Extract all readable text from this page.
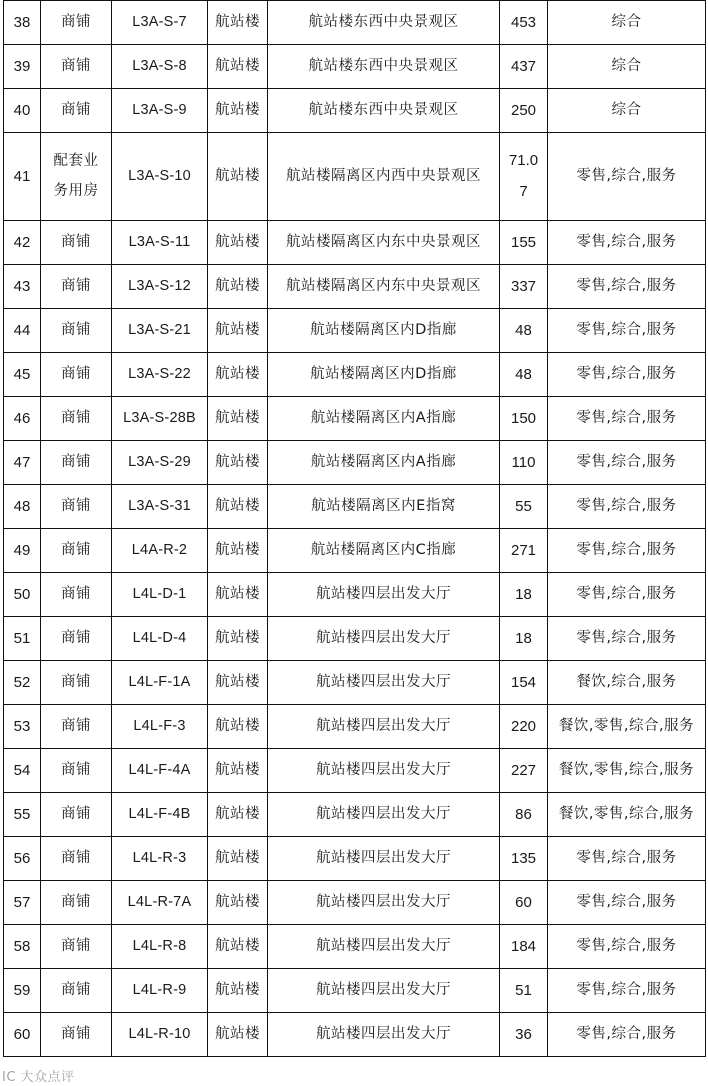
38	商铺	L3A-S-7	航站楼	航站楼东西中央景观区	453	综合
39	商铺	L3A-S-8	航站楼	航站楼东西中央景观区	437	综合
40	商铺	L3A-S-9	航站楼	航站楼东西中央景观区	250	综合
41	配套业务用房	L3A-S-10	航站楼	航站楼隔离区内西中央景观区	71.07	零售,综合,服务
42	商铺	L3A-S-11	航站楼	航站楼隔离区内东中央景观区	155	零售,综合,服务
43	商铺	L3A-S-12	航站楼	航站楼隔离区内东中央景观区	337	零售,综合,服务
44	商铺	L3A-S-21	航站楼	航站楼隔离区内D指廊	48	零售,综合,服务
45	商铺	L3A-S-22	航站楼	航站楼隔离区内D指廊	48	零售,综合,服务
46	商铺	L3A-S-28B	航站楼	航站楼隔离区内A指廊	150	零售,综合,服务
47	商铺	L3A-S-29	航站楼	航站楼隔离区内A指廊	110	零售,综合,服务
48	商铺	L3A-S-31	航站楼	航站楼隔离区内E指窝	55	零售,综合,服务
49	商铺	L4A-R-2	航站楼	航站楼隔离区内C指廊	271	零售,综合,服务
50	商铺	L4L-D-1	航站楼	航站楼四层出发大厅	18	零售,综合,服务
51	商铺	L4L-D-4	航站楼	航站楼四层出发大厅	18	零售,综合,服务
52	商铺	L4L-F-1A	航站楼	航站楼四层出发大厅	154	餐饮,综合,服务
53	商铺	L4L-F-3	航站楼	航站楼四层出发大厅	220	餐饮,零售,综合,服务
54	商铺	L4L-F-4A	航站楼	航站楼四层出发大厅	227	餐饮,零售,综合,服务
55	商铺	L4L-F-4B	航站楼	航站楼四层出发大厅	86	餐饮,零售,综合,服务
56	商铺	L4L-R-3	航站楼	航站楼四层出发大厅	135	零售,综合,服务
57	商铺	L4L-R-7A	航站楼	航站楼四层出发大厅	60	零售,综合,服务
58	商铺	L4L-R-8	航站楼	航站楼四层出发大厅	184	零售,综合,服务
59	商铺	L4L-R-9	航站楼	航站楼四层出发大厅	51	零售,综合,服务
60	商铺	L4L-R-10	航站楼	航站楼四层出发大厅	36	零售,综合,服务
IC 大众点评
